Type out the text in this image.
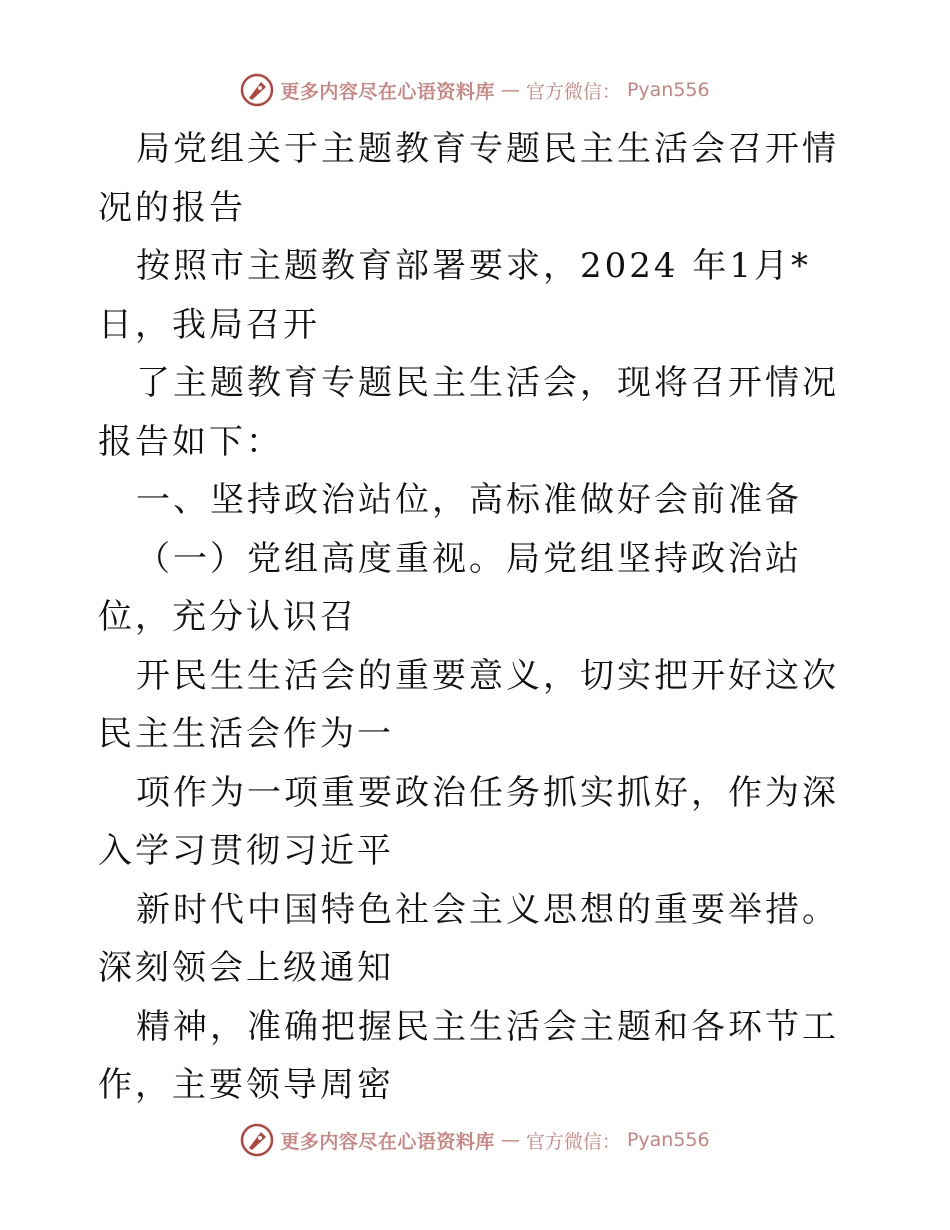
更多内容尽在心语资料库 — 官方微信： Pyan556

局党组关于主题教育专题民主生活会召开情况的报告

按照市主题教育部署要求，2024 年1月*日，我局召开

了主题教育专题民主生活会，现将召开情况报告如下：

一、坚持政治站位，高标准做好会前准备

（一）党组高度重视。局党组坚持政治站位，充分认识召

开民生生活会的重要意义，切实把开好这次民主生活会作为一

项作为一项重要政治任务抓实抓好，作为深入学习贯彻习近平

新时代中国特色社会主义思想的重要举措。深刻领会上级通知

精神，准确把握民主生活会主题和各环节工作，主要领导周密

更多内容尽在心语资料库 — 官方微信： Pyan556
